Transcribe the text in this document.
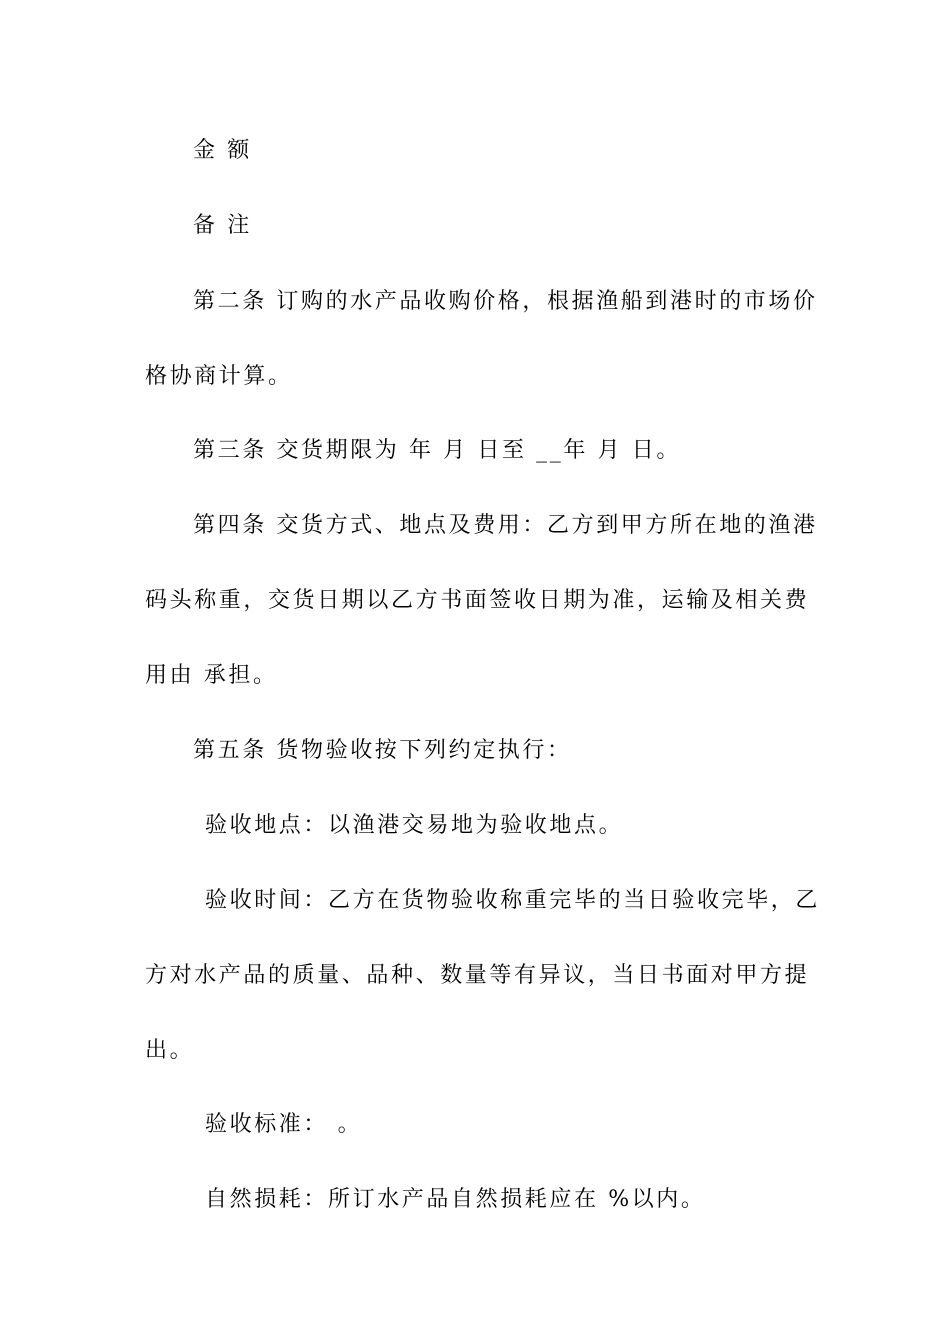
金 额
备 注
第二条 订购的水产品收购价格，根据渔船到港时的市场价
格协商计算。
第三条 交货期限为 年 月 日至 __年 月 日。
第四条 交货方式、地点及费用：乙方到甲方所在地的渔港
码头称重，交货日期以乙方书面签收日期为准，运输及相关费
用由 承担。
第五条 货物验收按下列约定执行：
验收地点：以渔港交易地为验收地点。
验收时间：乙方在货物验收称重完毕的当日验收完毕，乙
方对水产品的质量、品种、数量等有异议，当日书面对甲方提
出。
验收标准： 。
自然损耗：所订水产品自然损耗应在 %以内。
